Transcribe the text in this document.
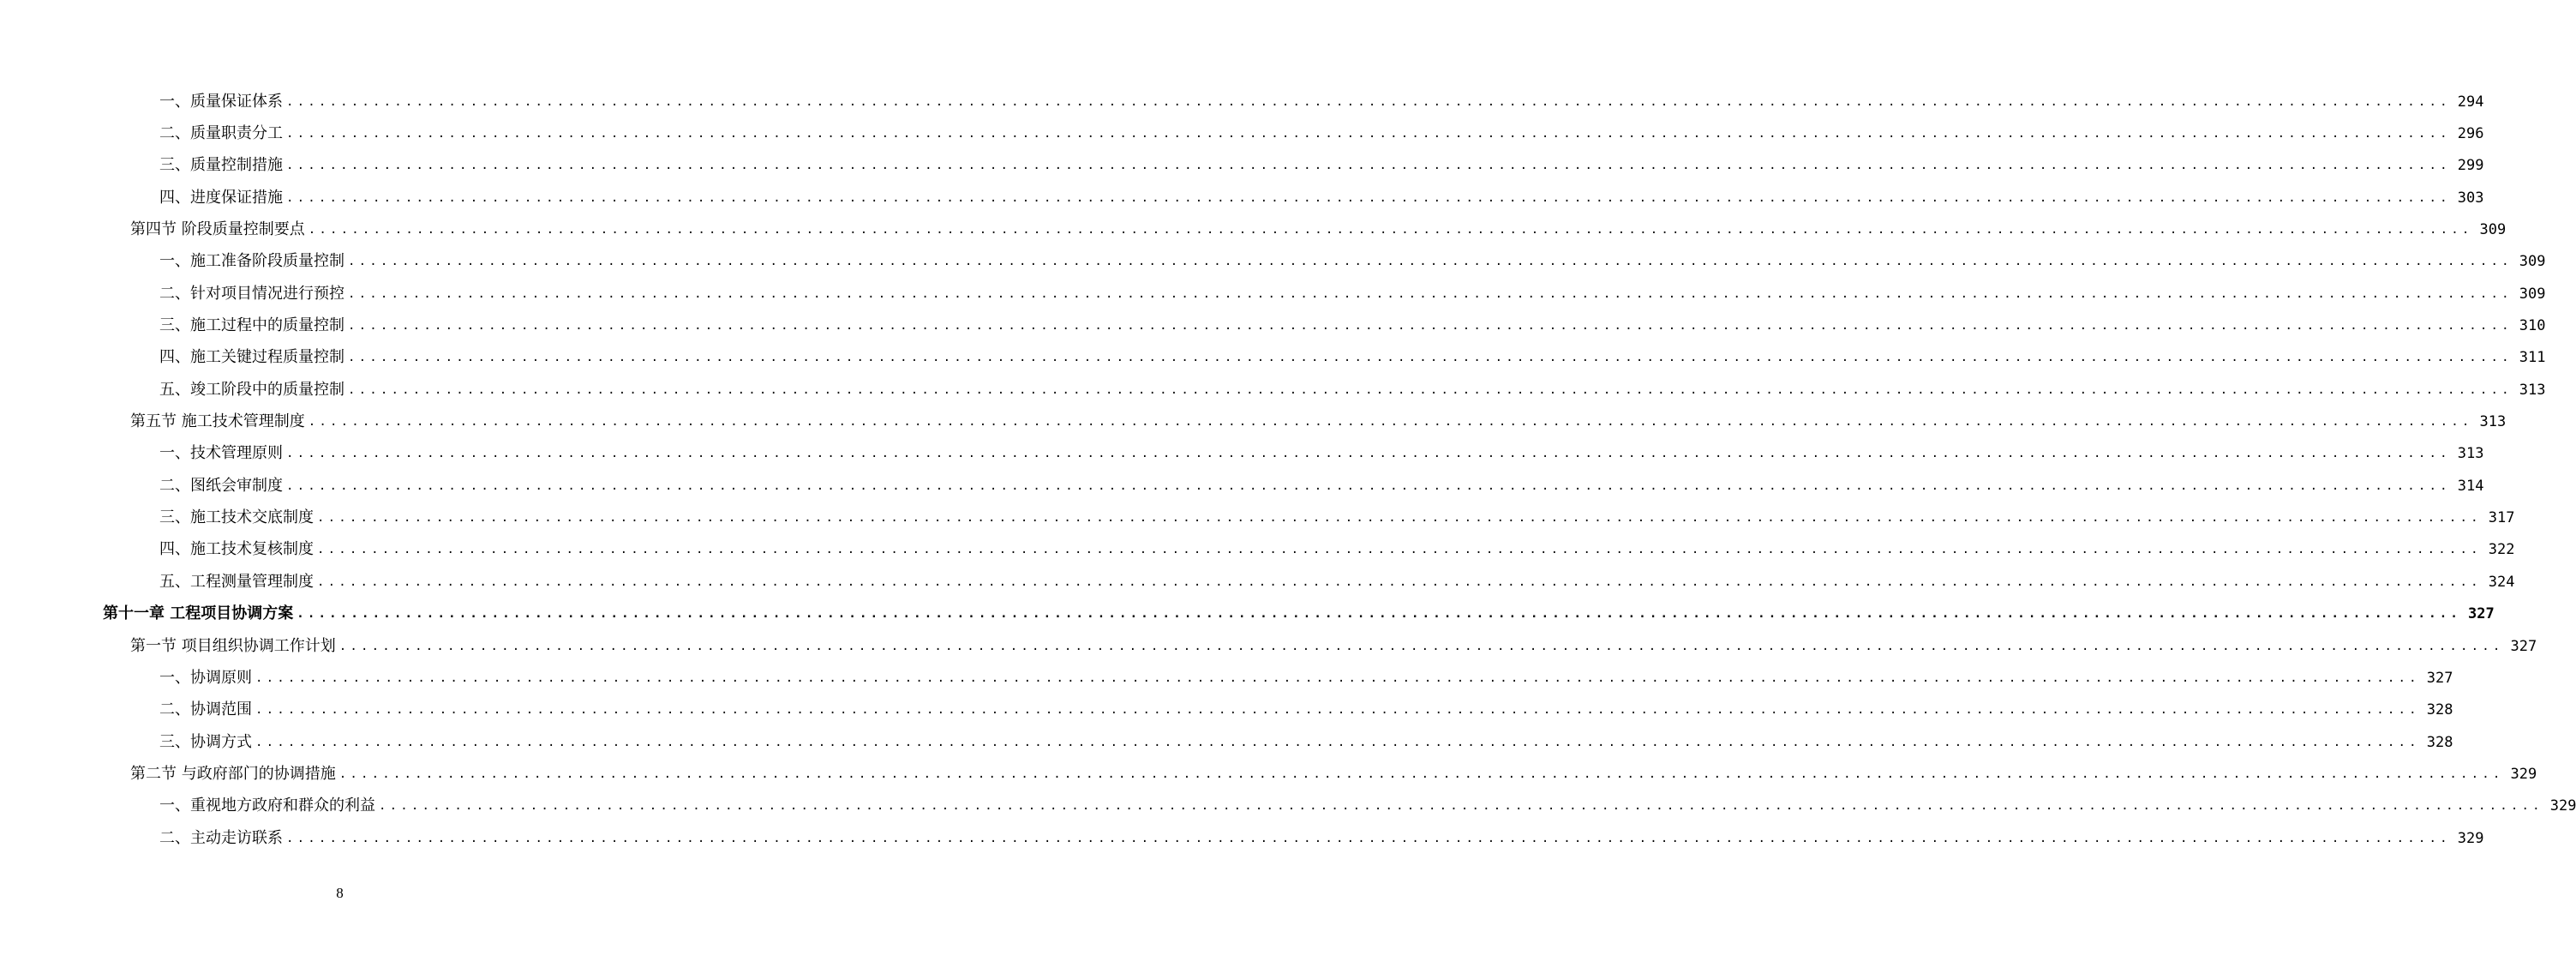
一、质量保证体系 ........................................................................................................................................................................................................ 294
二、质量职责分工 ........................................................................................................................................................................................................ 296
三、质量控制措施 ........................................................................................................................................................................................................ 299
四、进度保证措施 ........................................................................................................................................................................................................ 303
第四节 阶段质量控制要点 ........................................................................................................................................................................................................ 309
一、施工准备阶段质量控制 ........................................................................................................................................................................................................ 309
二、针对项目情况进行预控 ........................................................................................................................................................................................................ 309
三、施工过程中的质量控制 ........................................................................................................................................................................................................ 310
四、施工关键过程质量控制 ........................................................................................................................................................................................................ 311
五、竣工阶段中的质量控制 ........................................................................................................................................................................................................ 313
第五节 施工技术管理制度 ........................................................................................................................................................................................................ 313
一、技术管理原则 ........................................................................................................................................................................................................ 313
二、图纸会审制度 ........................................................................................................................................................................................................ 314
三、施工技术交底制度 ........................................................................................................................................................................................................ 317
四、施工技术复核制度 ........................................................................................................................................................................................................ 322
五、工程测量管理制度 ........................................................................................................................................................................................................ 324
第十一章 工程项目协调方案 ........................................................................................................................................................................................................ 327
第一节 项目组织协调工作计划 ........................................................................................................................................................................................................ 327
一、协调原则 ........................................................................................................................................................................................................ 327
二、协调范围 ........................................................................................................................................................................................................ 328
三、协调方式 ........................................................................................................................................................................................................ 328
第二节 与政府部门的协调措施 ........................................................................................................................................................................................................ 329
一、重视地方政府和群众的利益 ........................................................................................................................................................................................................ 329
二、主动走访联系 ........................................................................................................................................................................................................ 329
8
